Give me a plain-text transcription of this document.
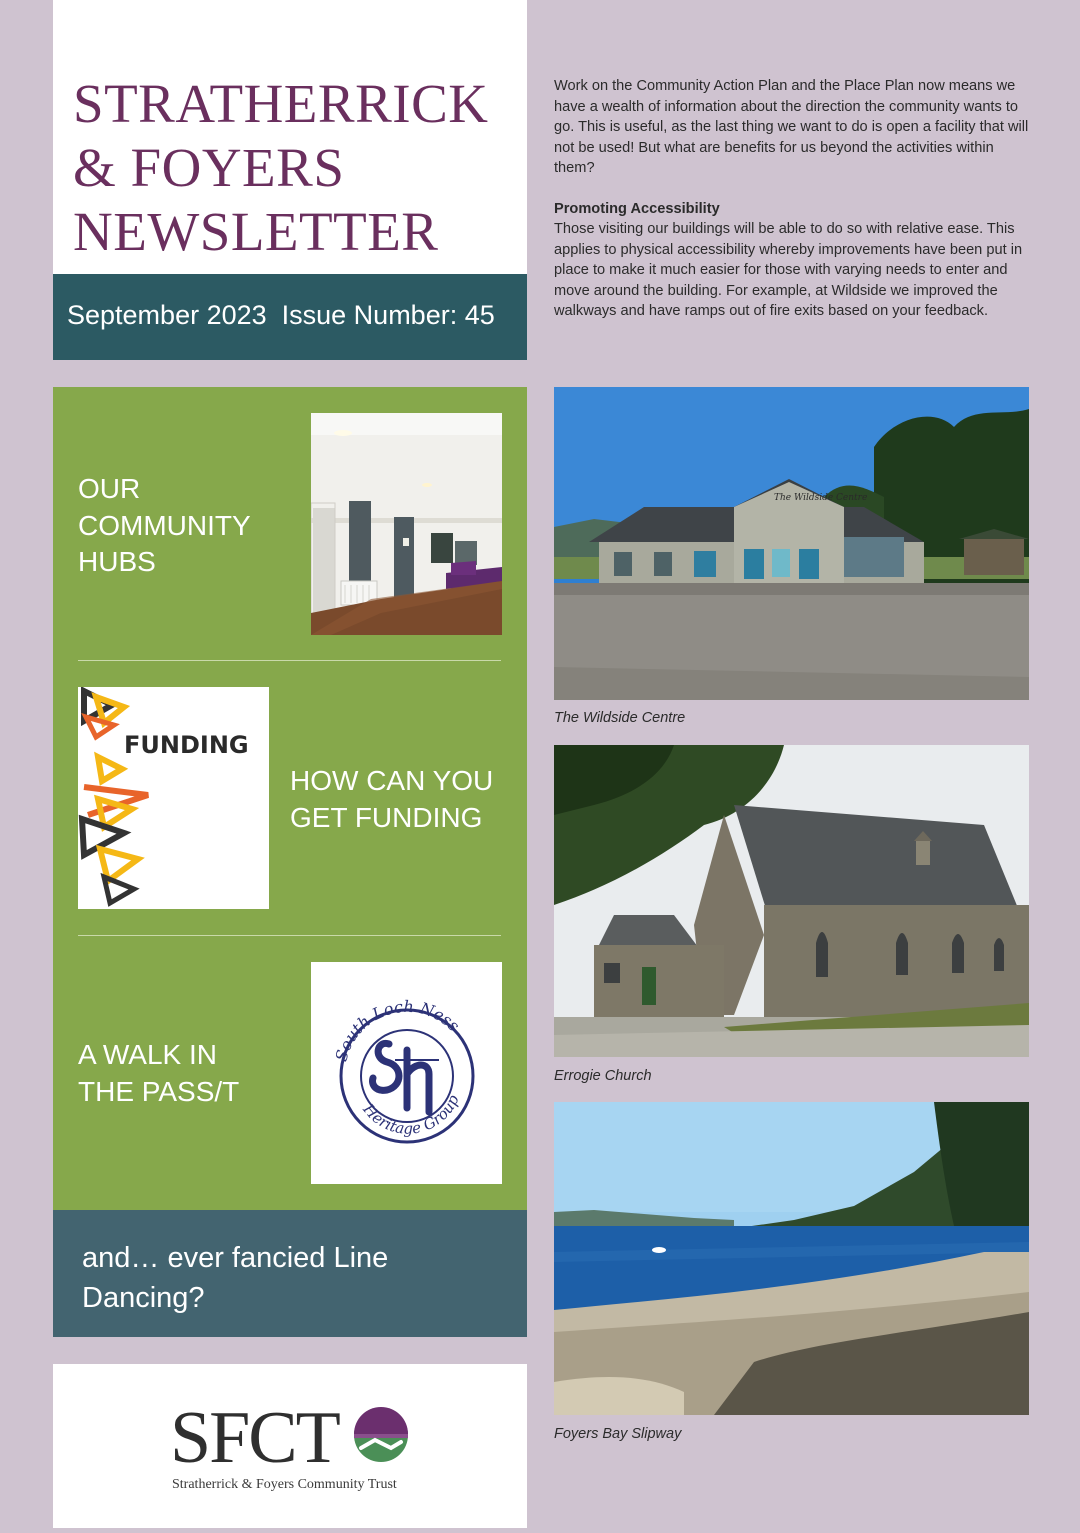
STRATHERRICK
& FOYERS
NEWSLETTER
September 2023  Issue Number: 45

Work on the Community Action Plan and the Place Plan now means we have a wealth of information about the direction the community wants to go. This is useful, as the last thing we want to do is open a facility that will not be used! But what are benefits for us beyond the activities within them?

Promoting Accessibility

Those visiting our buildings will be able to do so with relative ease. This applies to physical accessibility whereby improvements have been put in place to make it much easier for those with varying needs to enter and move around the building. For example, at Wildside we improved the walkways and have ramps out of fire exits based on your feedback.

OUR
COMMUNITY
HUBS
FUNDING
HOW CAN YOU
GET FUNDING
A WALK IN
THE PASS/T
South Loch Ness
Heritage Group
and… ever fancied Line
Dancing?
SFCT
Stratherrick & Foyers Community Trust
The Wildside Centre
The Wildside Centre
Errogie Church
Foyers Bay Slipway
